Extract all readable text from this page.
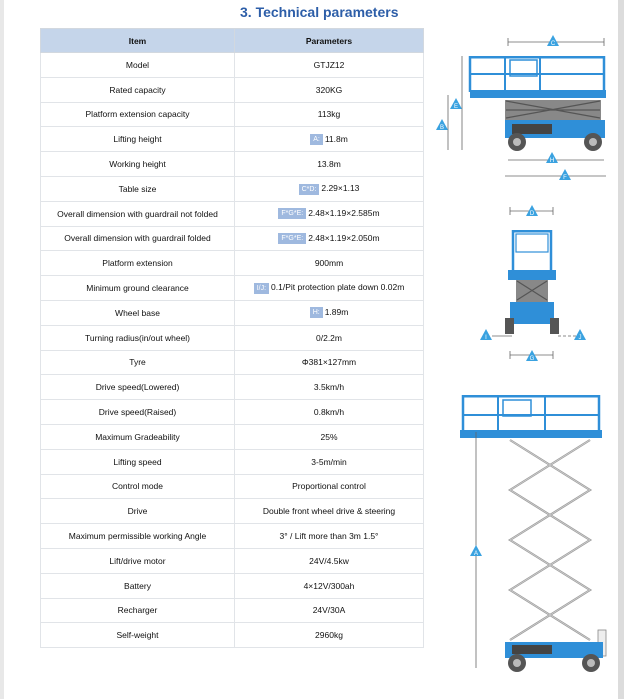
3. Technical parameters
Item	Parameters
Model	GTJZ12
Rated capacity	320KG
Platform extension capacity	113kg
Lifting height	A: 11.8m
Working height	13.8m
Table size	C*D: 2.29×1.13
Overall dimension with guardrail not folded	F*G*E: 2.48×1.19×2.585m
Overall dimension with guardrail folded	F*G*E: 2.48×1.19×2.050m
Platform extension	900mm
Minimum ground clearance	I/J: 0.1/Pit protection plate down 0.02m
Wheel base	H: 1.89m
Turning radius(in/out wheel)	0/2.2m
Tyre	Φ381×127mm
Drive speed(Lowered)	3.5km/h
Drive speed(Raised)	0.8km/h
Maximum Gradeability	25%
Lifting speed	3-5m/min
Control mode	Proportional control
Drive	Double front wheel drive & steering
Maximum permissible working Angle	3° / Lift more than 3m 1.5°
Lift/drive motor	24V/4.5kw
Battery	4×12V/300ah
Recharger	24V/30A
Self-weight	2960kg
C
E
B
H
F
D
I	J
G
A
